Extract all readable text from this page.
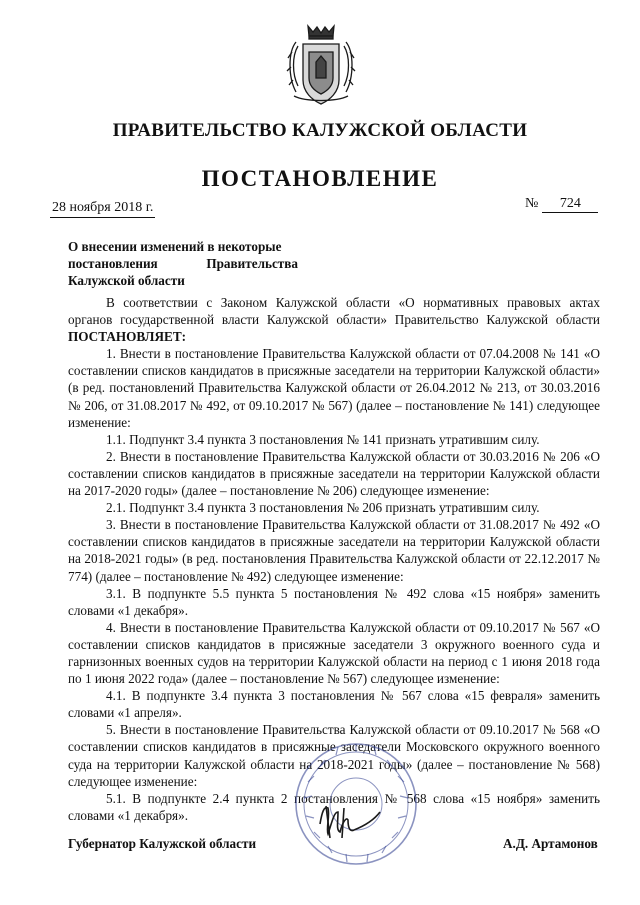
ПРАВИТЕЛЬСТВО КАЛУЖСКОЙ ОБЛАСТИ
ПОСТАНОВЛЕНИЕ
28 ноября 2018 г.	№ 724
О внесении изменений в некоторые
постановления	Правительства
Калужской области

В соответствии с Законом Калужской области «О нормативных правовых актах органов государственной власти Калужской области» Правительство Калужской области ПОСТАНОВЛЯЕТ:

1. Внести в постановление Правительства Калужской области от 07.04.2008 № 141 «О составлении списков кандидатов в присяжные заседатели на территории Калужской области» (в ред. постановлений Правительства Калужской области от 26.04.2012 № 213, от 30.03.2016 № 206, от 31.08.2017 № 492, от 09.10.2017 № 567) (далее – постановление № 141) следующее изменение:

1.1. Подпункт 3.4 пункта 3 постановления № 141 признать утратившим силу.

2. Внести в постановление Правительства Калужской области от 30.03.2016 № 206 «О составлении списков кандидатов в присяжные заседатели на территории Калужской области на 2017-2020 годы» (далее – постановление № 206) следующее изменение:

2.1. Подпункт 3.4 пункта 3 постановления № 206 признать утратившим силу.

3. Внести в постановление Правительства Калужской области от 31.08.2017 № 492 «О составлении списков кандидатов в присяжные заседатели на территории Калужской области на 2018-2021 годы» (в ред. постановления Правительства Калужской области от 22.12.2017 № 774) (далее – постановление № 492) следующее изменение:

3.1. В подпункте 5.5 пункта 5 постановления № 492 слова «15 ноября» заменить словами «1 декабря».

4. Внести в постановление Правительства Калужской области от 09.10.2017 № 567 «О составлении списков кандидатов в присяжные заседатели 3 окружного военного суда и гарнизонных военных судов на территории Калужской области на период с 1 июня 2018 года по 1 июня 2022 года» (далее – постановление № 567) следующее изменение:

4.1. В подпункте 3.4 пункта 3 постановления № 567 слова «15 февраля» заменить словами «1 апреля».

5. Внести в постановление Правительства Калужской области от 09.10.2017 № 568 «О составлении списков кандидатов в присяжные заседатели Московского окружного военного суда на территории Калужской области на 2018-2021 годы» (далее – постановление № 568) следующее изменение:

5.1. В подпункте 2.4 пункта 2 постановления № 568 слова «15 ноября» заменить словами «1 декабря».

Губернатор Калужской области	А.Д. Артамонов
